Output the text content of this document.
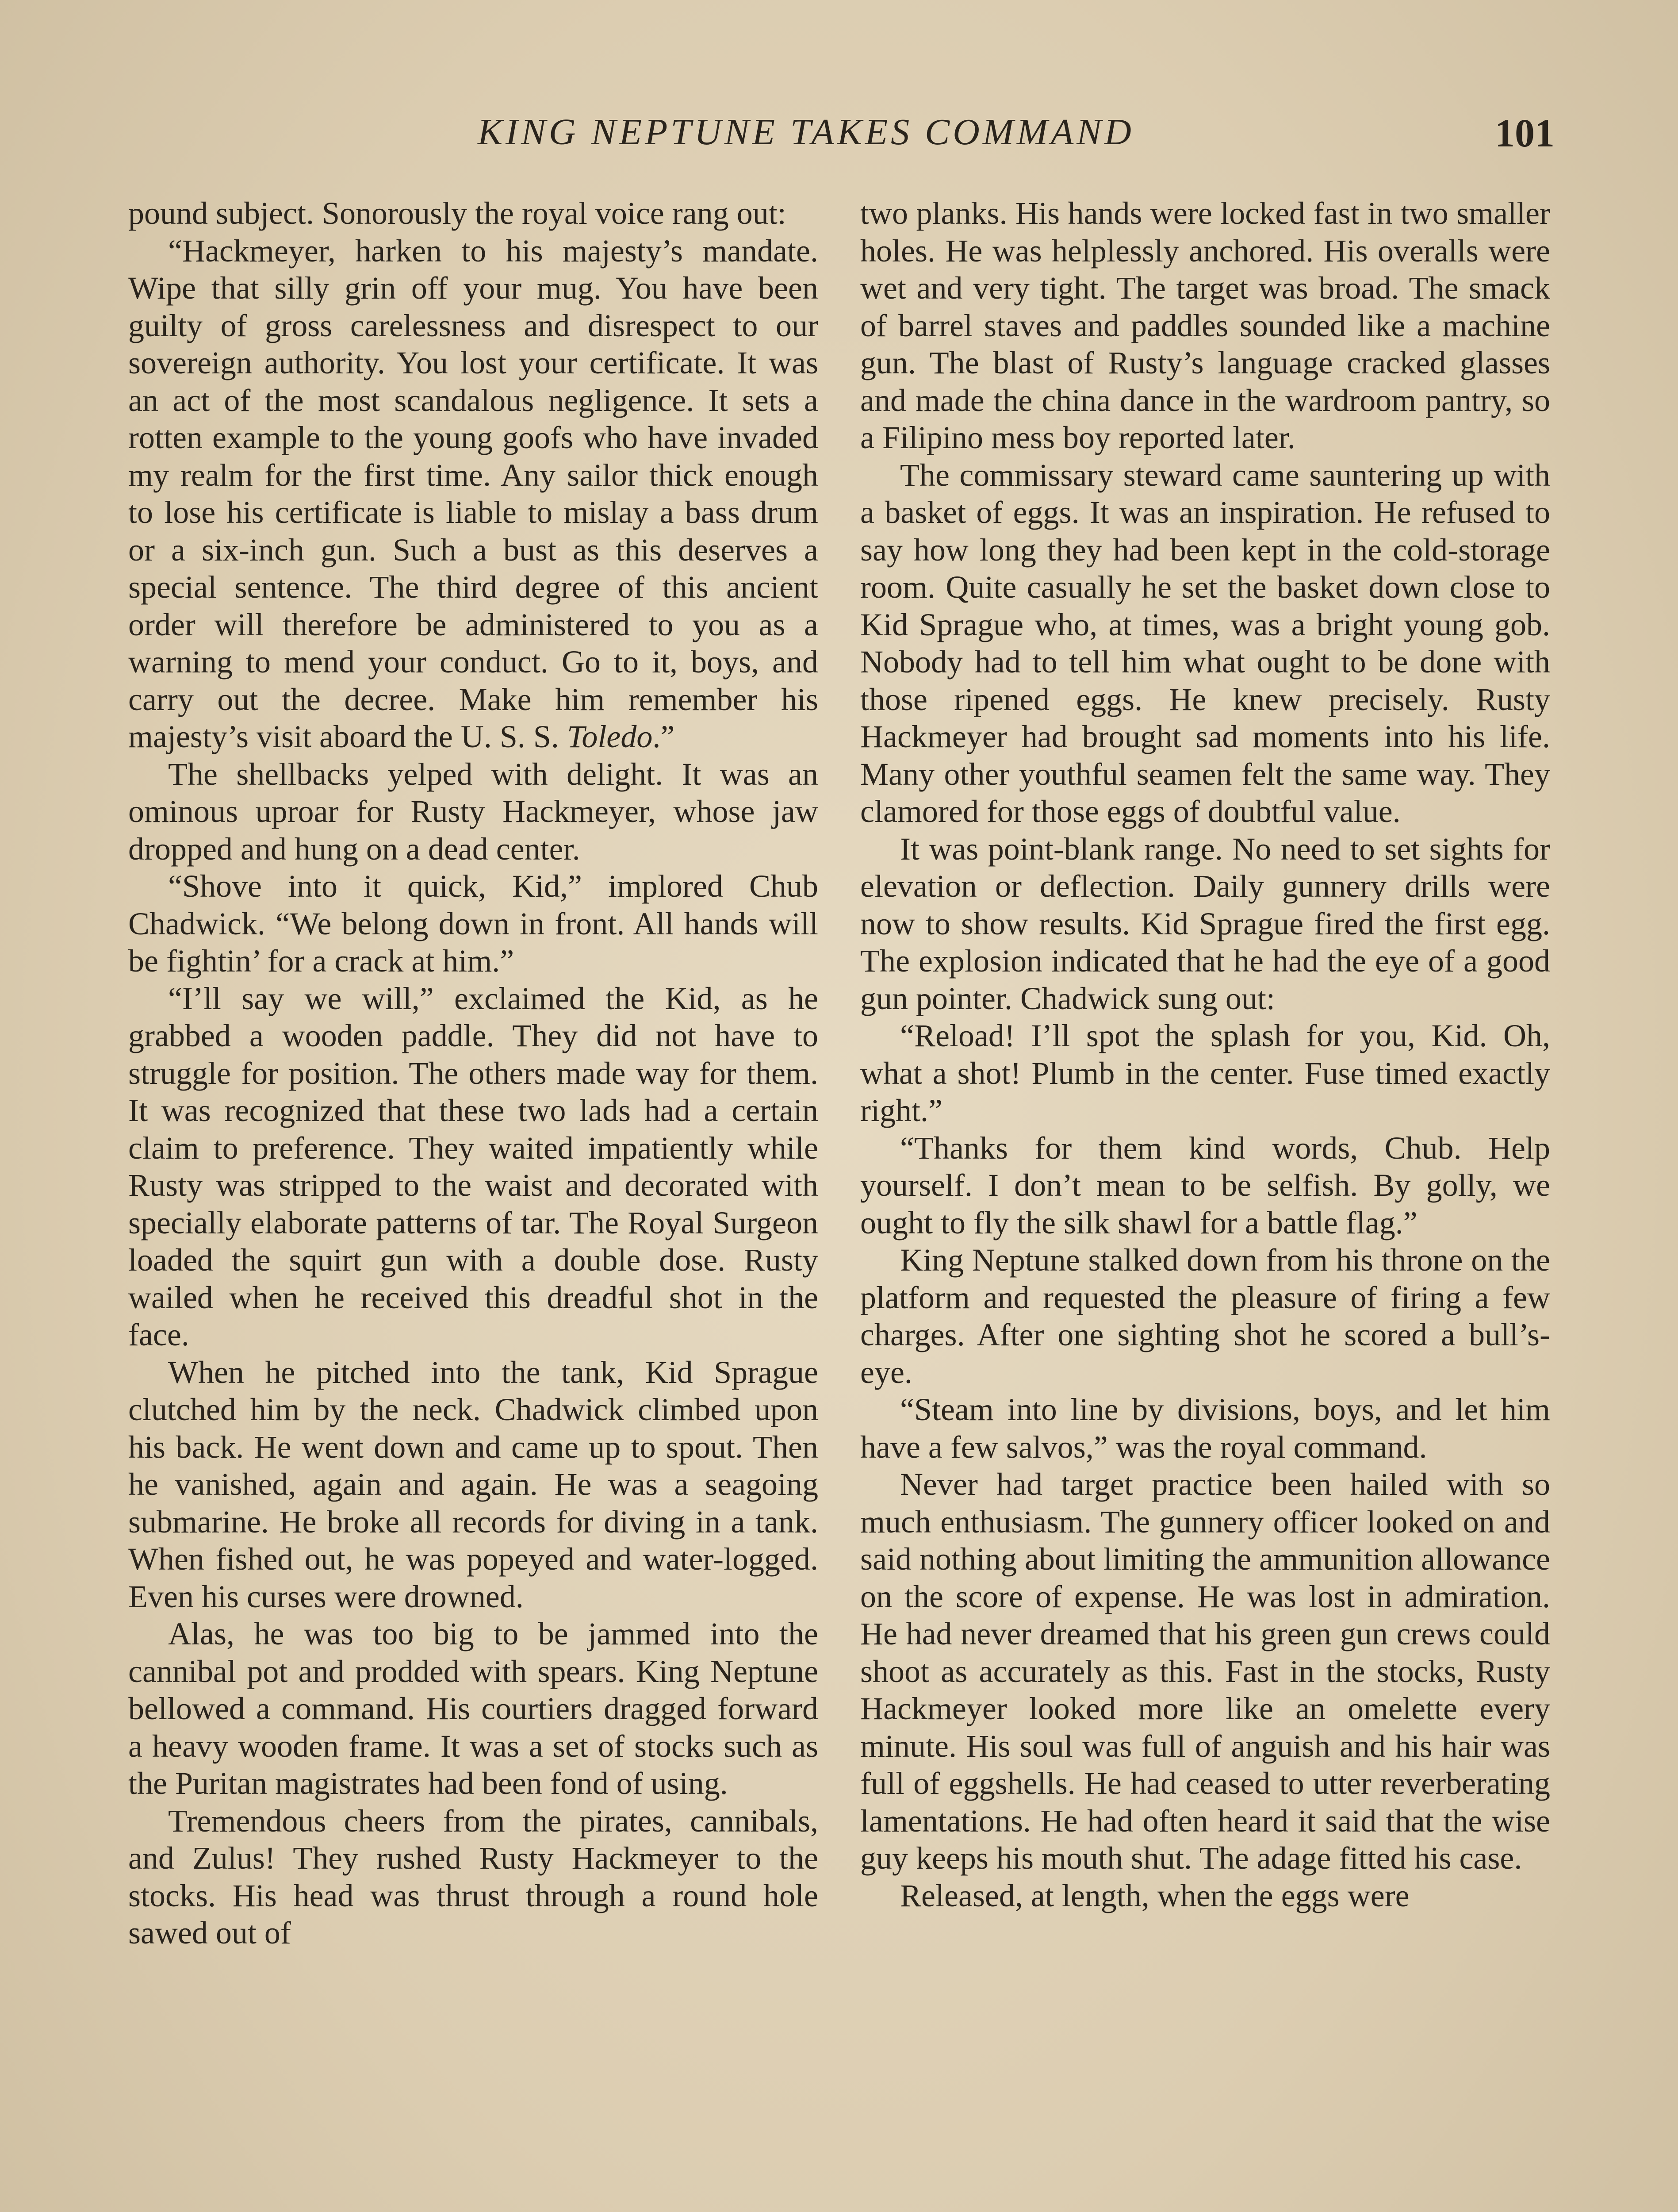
KING NEPTUNE TAKES COMMAND	101

pound subject. Sonorously the royal voice rang out:

“Hackmeyer, harken to his majesty’s mandate. Wipe that silly grin off your mug. You have been guilty of gross carelessness and disrespect to our sovereign authority. You lost your certificate. It was an act of the most scandalous negligence. It sets a rotten example to the young goofs who have invaded my realm for the first time. Any sailor thick enough to lose his certificate is liable to mislay a bass drum or a six-inch gun. Such a bust as this deserves a special sentence. The third degree of this ancient order will therefore be administered to you as a warning to mend your conduct. Go to it, boys, and carry out the decree. Make him remember his majesty’s visit aboard the U. S. S. Toledo.”

The shellbacks yelped with delight. It was an ominous uproar for Rusty Hackmeyer, whose jaw dropped and hung on a dead center.

“Shove into it quick, Kid,” implored Chub Chadwick. “We belong down in front. All hands will be fightin’ for a crack at him.”

“I’ll say we will,” exclaimed the Kid, as he grabbed a wooden paddle. They did not have to struggle for position. The others made way for them. It was recognized that these two lads had a certain claim to preference. They waited impatiently while Rusty was stripped to the waist and decorated with specially elaborate patterns of tar. The Royal Surgeon loaded the squirt gun with a double dose. Rusty wailed when he received this dreadful shot in the face.

When he pitched into the tank, Kid Sprague clutched him by the neck. Chadwick climbed upon his back. He went down and came up to spout. Then he vanished, again and again. He was a seagoing submarine. He broke all records for diving in a tank. When fished out, he was popeyed and water-logged. Even his curses were drowned.

Alas, he was too big to be jammed into the cannibal pot and prodded with spears. King Neptune bellowed a command. His courtiers dragged forward a heavy wooden frame. It was a set of stocks such as the Puritan magistrates had been fond of using.

Tremendous cheers from the pirates, cannibals, and Zulus! They rushed Rusty Hackmeyer to the stocks. His head was thrust through a round hole sawed out of

two planks. His hands were locked fast in two smaller holes. He was helplessly anchored. His overalls were wet and very tight. The target was broad. The smack of barrel staves and paddles sounded like a machine gun. The blast of Rusty’s language cracked glasses and made the china dance in the wardroom pantry, so a Filipino mess boy reported later.

The commissary steward came sauntering up with a basket of eggs. It was an inspiration. He refused to say how long they had been kept in the cold-storage room. Quite casually he set the basket down close to Kid Sprague who, at times, was a bright young gob. Nobody had to tell him what ought to be done with those ripened eggs. He knew precisely. Rusty Hackmeyer had brought sad moments into his life. Many other youthful seamen felt the same way. They clamored for those eggs of doubtful value.

It was point-blank range. No need to set sights for elevation or deflection. Daily gunnery drills were now to show results. Kid Sprague fired the first egg. The explosion indicated that he had the eye of a good gun pointer. Chadwick sung out:

“Reload! I’ll spot the splash for you, Kid. Oh, what a shot! Plumb in the center. Fuse timed exactly right.”

“Thanks for them kind words, Chub. Help yourself. I don’t mean to be selfish. By golly, we ought to fly the silk shawl for a battle flag.”

King Neptune stalked down from his throne on the platform and requested the pleasure of firing a few charges. After one sighting shot he scored a bull’s-eye.

“Steam into line by divisions, boys, and let him have a few salvos,” was the royal command.

Never had target practice been hailed with so much enthusiasm. The gunnery officer looked on and said nothing about limiting the ammunition allowance on the score of expense. He was lost in admiration. He had never dreamed that his green gun crews could shoot as accurately as this. Fast in the stocks, Rusty Hackmeyer looked more like an omelette every minute. His soul was full of anguish and his hair was full of eggshells. He had ceased to utter reverberating lamentations. He had often heard it said that the wise guy keeps his mouth shut. The adage fitted his case.

Released, at length, when the eggs were
